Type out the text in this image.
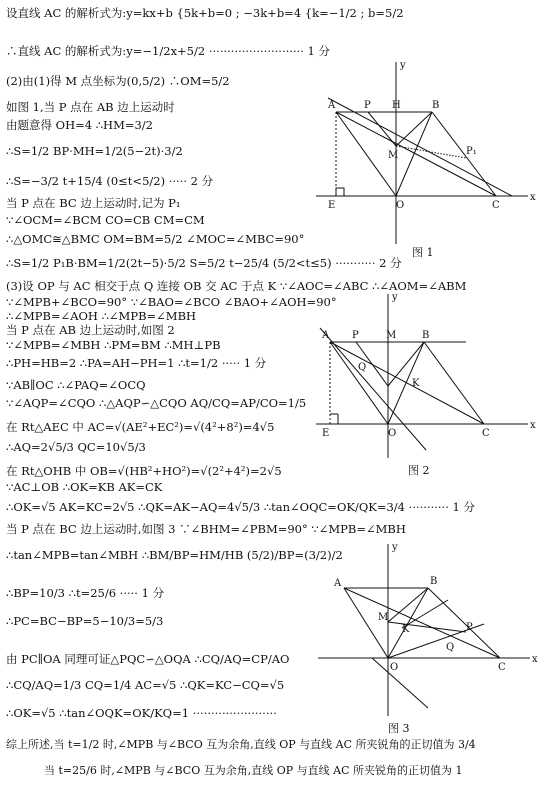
设直线 AC 的解析式为:y=kx+b {5k+b=0 ; −3k+b=4 {k=−1/2 ; b=5/2
∴直线 AC 的解析式为:y=−1/2x+5/2 ·························· 1 分
(2)由(1)得 M 点坐标为(0,5/2) ∴OM=5/2
如图 1,当 P 点在 AB 边上运动时
由题意得 OH=4 ∴HM=3/2
∴S=1/2 BP·MH=1/2(5−2t)·3/2
∴S=−3/2 t+15/4 (0≤t<5/2) ····· 2 分
当 P 点在 BC 边上运动时,记为 P₁
∵∠OCM=∠BCM CO=CB CM=CM
∴△OMC≅△BMC OM=BM=5/2 ∠MOC=∠MBC=90°
∴S=1/2 P₁B·BM=1/2(2t−5)·5/2 S=5/2 t−25/4 (5/2<t≤5) ··········· 2 分
(3)设 OP 与 AC 相交于点 Q 连接 OB 交 AC 于点 K ∵∠AOC=∠ABC ∴∠AOM=∠ABM
∵∠MPB+∠BCO=90° ∵∠BAO=∠BCO ∠BAO+∠AOH=90°
∴∠MPB=∠AOH ∴∠MPB=∠MBH
当 P 点在 AB 边上运动时,如图 2
∵∠MPB=∠MBH ∴PM=BM ∴MH⊥PB
∴PH=HB=2 ∴PA=AH−PH=1 ∴t=1/2 ····· 1 分
∵AB∥OC ∴∠PAQ=∠OCQ
∵∠AQP=∠CQO ∴△AQP∽△CQO AQ/CQ=AP/CO=1/5
在 Rt△AEC 中 AC=√(AE²+EC²)=√(4²+8²)=4√5
∴AQ=2√5/3 QC=10√5/3
在 Rt△OHB 中 OB=√(HB²+HO²)=√(2²+4²)=2√5
∵AC⊥OB ∴OK=KB AK=CK
∴OK=√5 AK=KC=2√5 ∴QK=AK−AQ=4√5/3 ∴tan∠OQC=OK/QK=3/4 ··········· 1 分
当 P 点在 BC 边上运动时,如图 3 ∵∠BHM=∠PBM=90° ∵∠MPB=∠MBH
∴tan∠MPB=tan∠MBH ∴BM/BP=HM/HB (5/2)/BP=(3/2)/2
∴BP=10/3 ∴t=25/6 ····· 1 分
∴PC=BC−BP=5−10/3=5/3
由 PC∥OA 同理可证△PQC∽△OQA ∴CQ/AQ=CP/AO
∴CQ/AQ=1/3 CQ=1/4 AC=√5 ∴QK=KC−CQ=√5
∴OK=√5 ∴tan∠OQK=OK/KQ=1 ·······················
综上所述,当 t=1/2 时,∠MPB 与∠BCO 互为余角,直线 OP 与直线 AC 所夹锐角的正切值为 3/4
当 t=25/6 时,∠MPB 与∠BCO 互为余角,直线 OP 与直线 AC 所夹锐角的正切值为 1
y
A	P H	B
M	P₁
E	O	C
x
图 1
y
A P	M	B
Q
K
E	O	C
x
图 2
y
A	B
M
K	P
Q
O	C
x
图 3
